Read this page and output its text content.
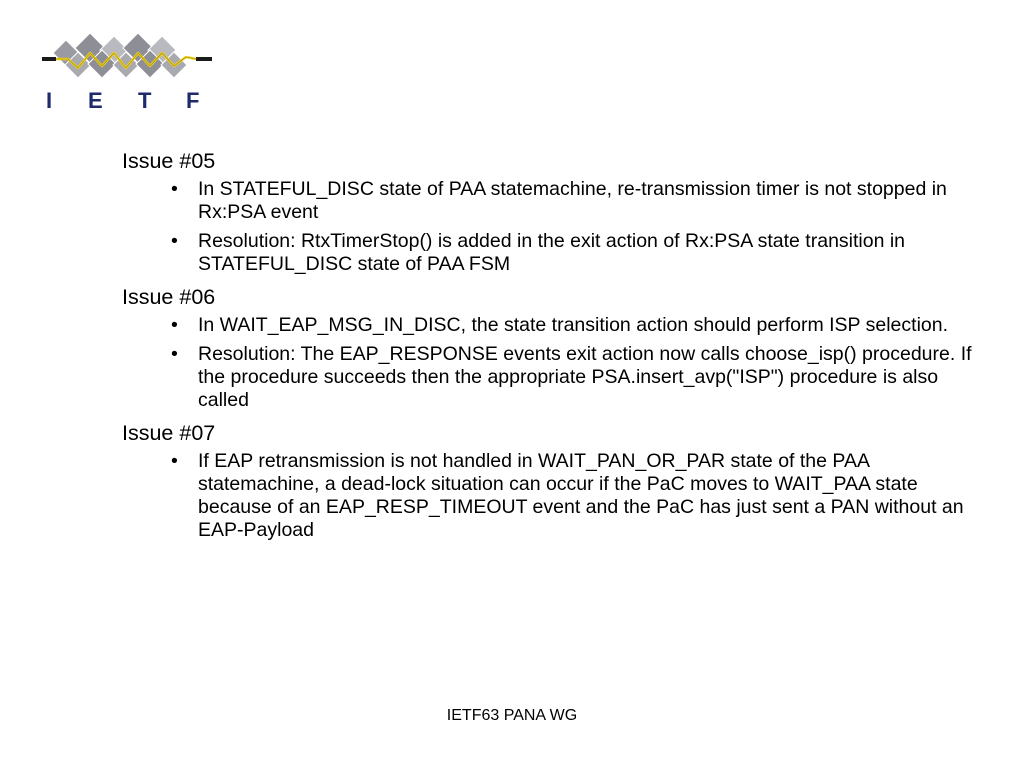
I E T F

Issue #05

• In STATEFUL_DISC state of PAA statemachine, re-transmission timer is not stopped in Rx:PSA event
• Resolution: RtxTimerStop() is added in the exit action of Rx:PSA state transition in STATEFUL_DISC state of PAA FSM

Issue #06

• In WAIT_EAP_MSG_IN_DISC, the state transition action should perform ISP selection.
• Resolution: The EAP_RESPONSE events exit action now calls choose_isp() procedure. If the procedure succeeds then the appropriate PSA.insert_avp("ISP") procedure is also called

Issue #07

• If EAP retransmission is not handled in WAIT_PAN_OR_PAR state of the PAA statemachine, a dead-lock situation can occur if the PaC moves to WAIT_PAA state because of an EAP_RESP_TIMEOUT event and the PaC has just sent a PAN without an EAP-Payload
IETF63 PANA WG
